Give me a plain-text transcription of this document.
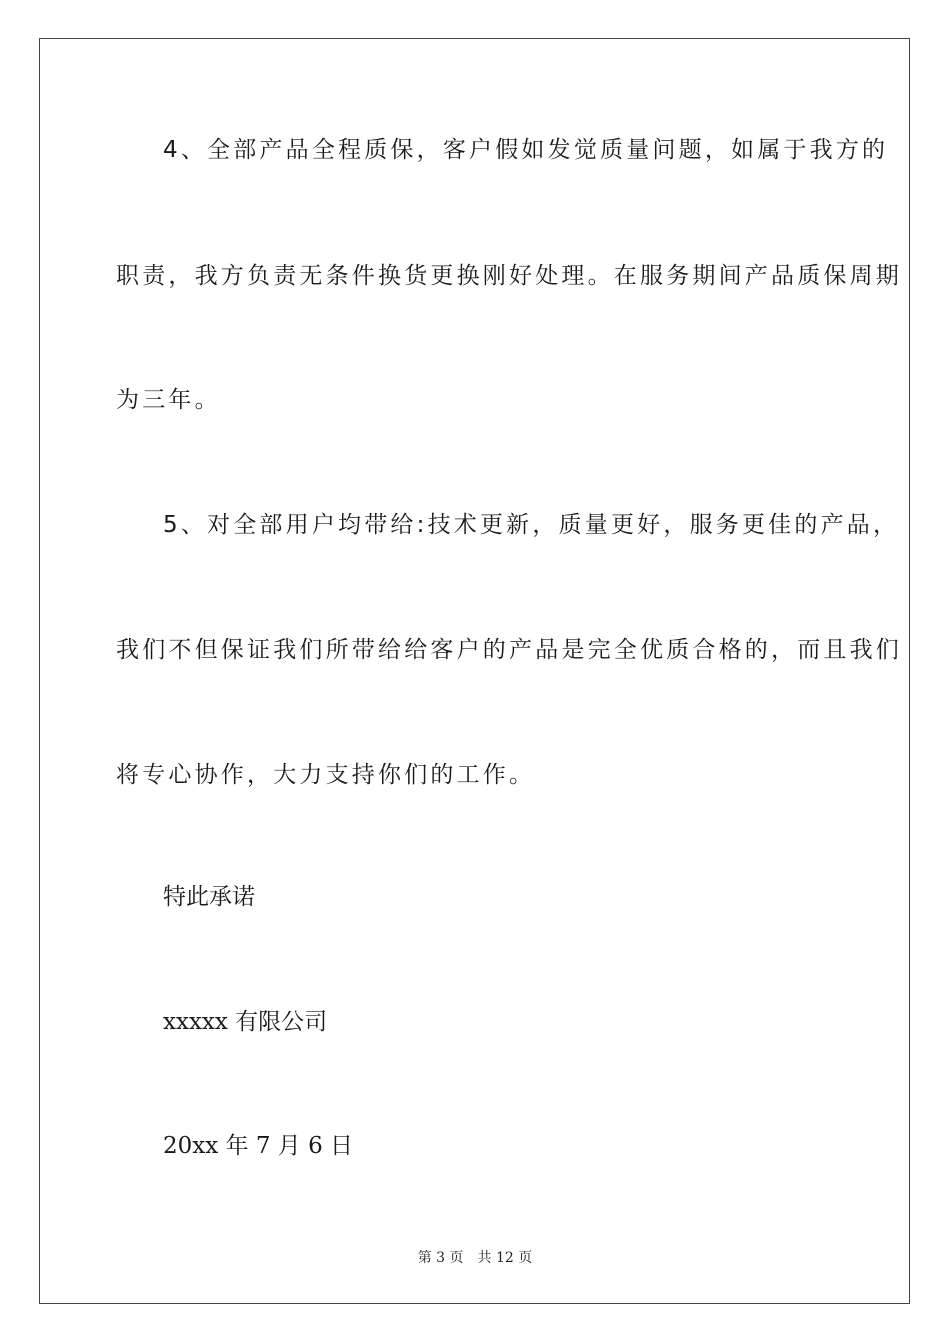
4、全部产品全程质保，客户假如发觉质量问题，如属于我方的
职责，我方负责无条件换货更换刚好处理。在服务期间产品质保周期
为三年。
5、对全部用户均带给:技术更新，质量更好，服务更佳的产品，
我们不但保证我们所带给给客户的产品是完全优质合格的，而且我们
将专心协作，大力支持你们的工作。
特此承诺
xxxxx 有限公司
20xx 年 7 月 6 日
第 3 页 共 12 页
